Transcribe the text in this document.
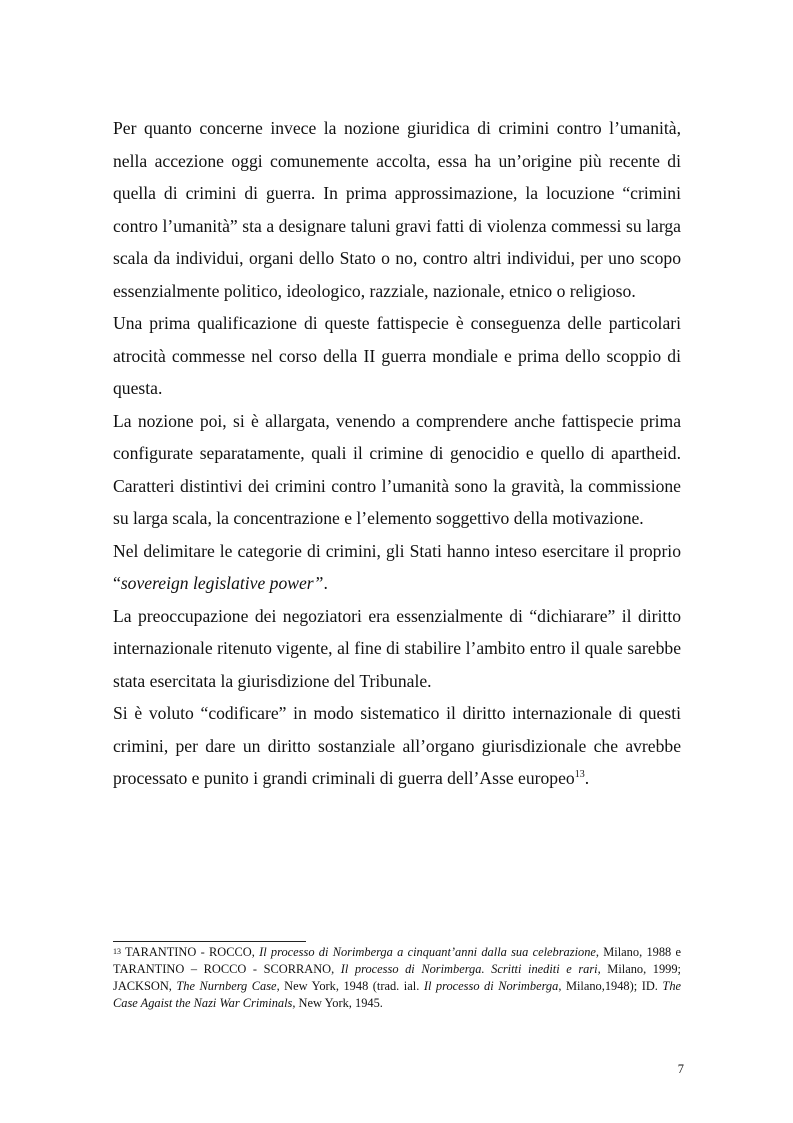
Per quanto concerne invece la nozione giuridica di crimini contro l’umanità, nella accezione oggi comunemente accolta, essa ha un’origine più recente di quella di crimini di guerra. In prima approssimazione, la locuzione “crimini contro l’umanità” sta a designare taluni gravi fatti di violenza commessi su larga scala da individui, organi dello Stato o no, contro altri individui, per uno scopo essenzialmente politico, ideologico, razziale, nazionale, etnico o religioso.

Una prima qualificazione di queste fattispecie è conseguenza delle particolari atrocità commesse nel corso della II guerra mondiale e prima dello scoppio di questa.

La nozione poi, si è allargata, venendo a comprendere anche fattispecie prima configurate separatamente, quali il crimine di genocidio e quello di apartheid. Caratteri distintivi dei crimini contro l’umanità sono la gravità, la commissione su larga scala, la concentrazione e l’elemento soggettivo della motivazione.

Nel delimitare le categorie di crimini, gli Stati hanno inteso esercitare il proprio “sovereign legislative power”.

La preoccupazione dei negoziatori era essenzialmente di “dichiarare” il diritto internazionale ritenuto vigente, al fine di stabilire l’ambito entro il quale sarebbe stata esercitata la giurisdizione del Tribunale.

Si è voluto “codificare” in modo sistematico il diritto internazionale di questi crimini, per dare un diritto sostanziale all’organo giurisdizionale che avrebbe processato e punito i grandi criminali di guerra dell’Asse europeo$^{13}$.

$^{13}$ TARANTINO - ROCCO, Il processo di Norimberga a cinquant’anni dalla sua celebrazione, Milano, 1988 e TARANTINO – ROCCO - SCORRANO, Il processo di Norimberga. Scritti inediti e rari, Milano, 1999; JACKSON, The Nurnberg Case, New York, 1948 (trad. ial. Il processo di Norimberga, Milano,1948); ID. The Case Agaist the Nazi War Criminals, New York, 1945.
7
